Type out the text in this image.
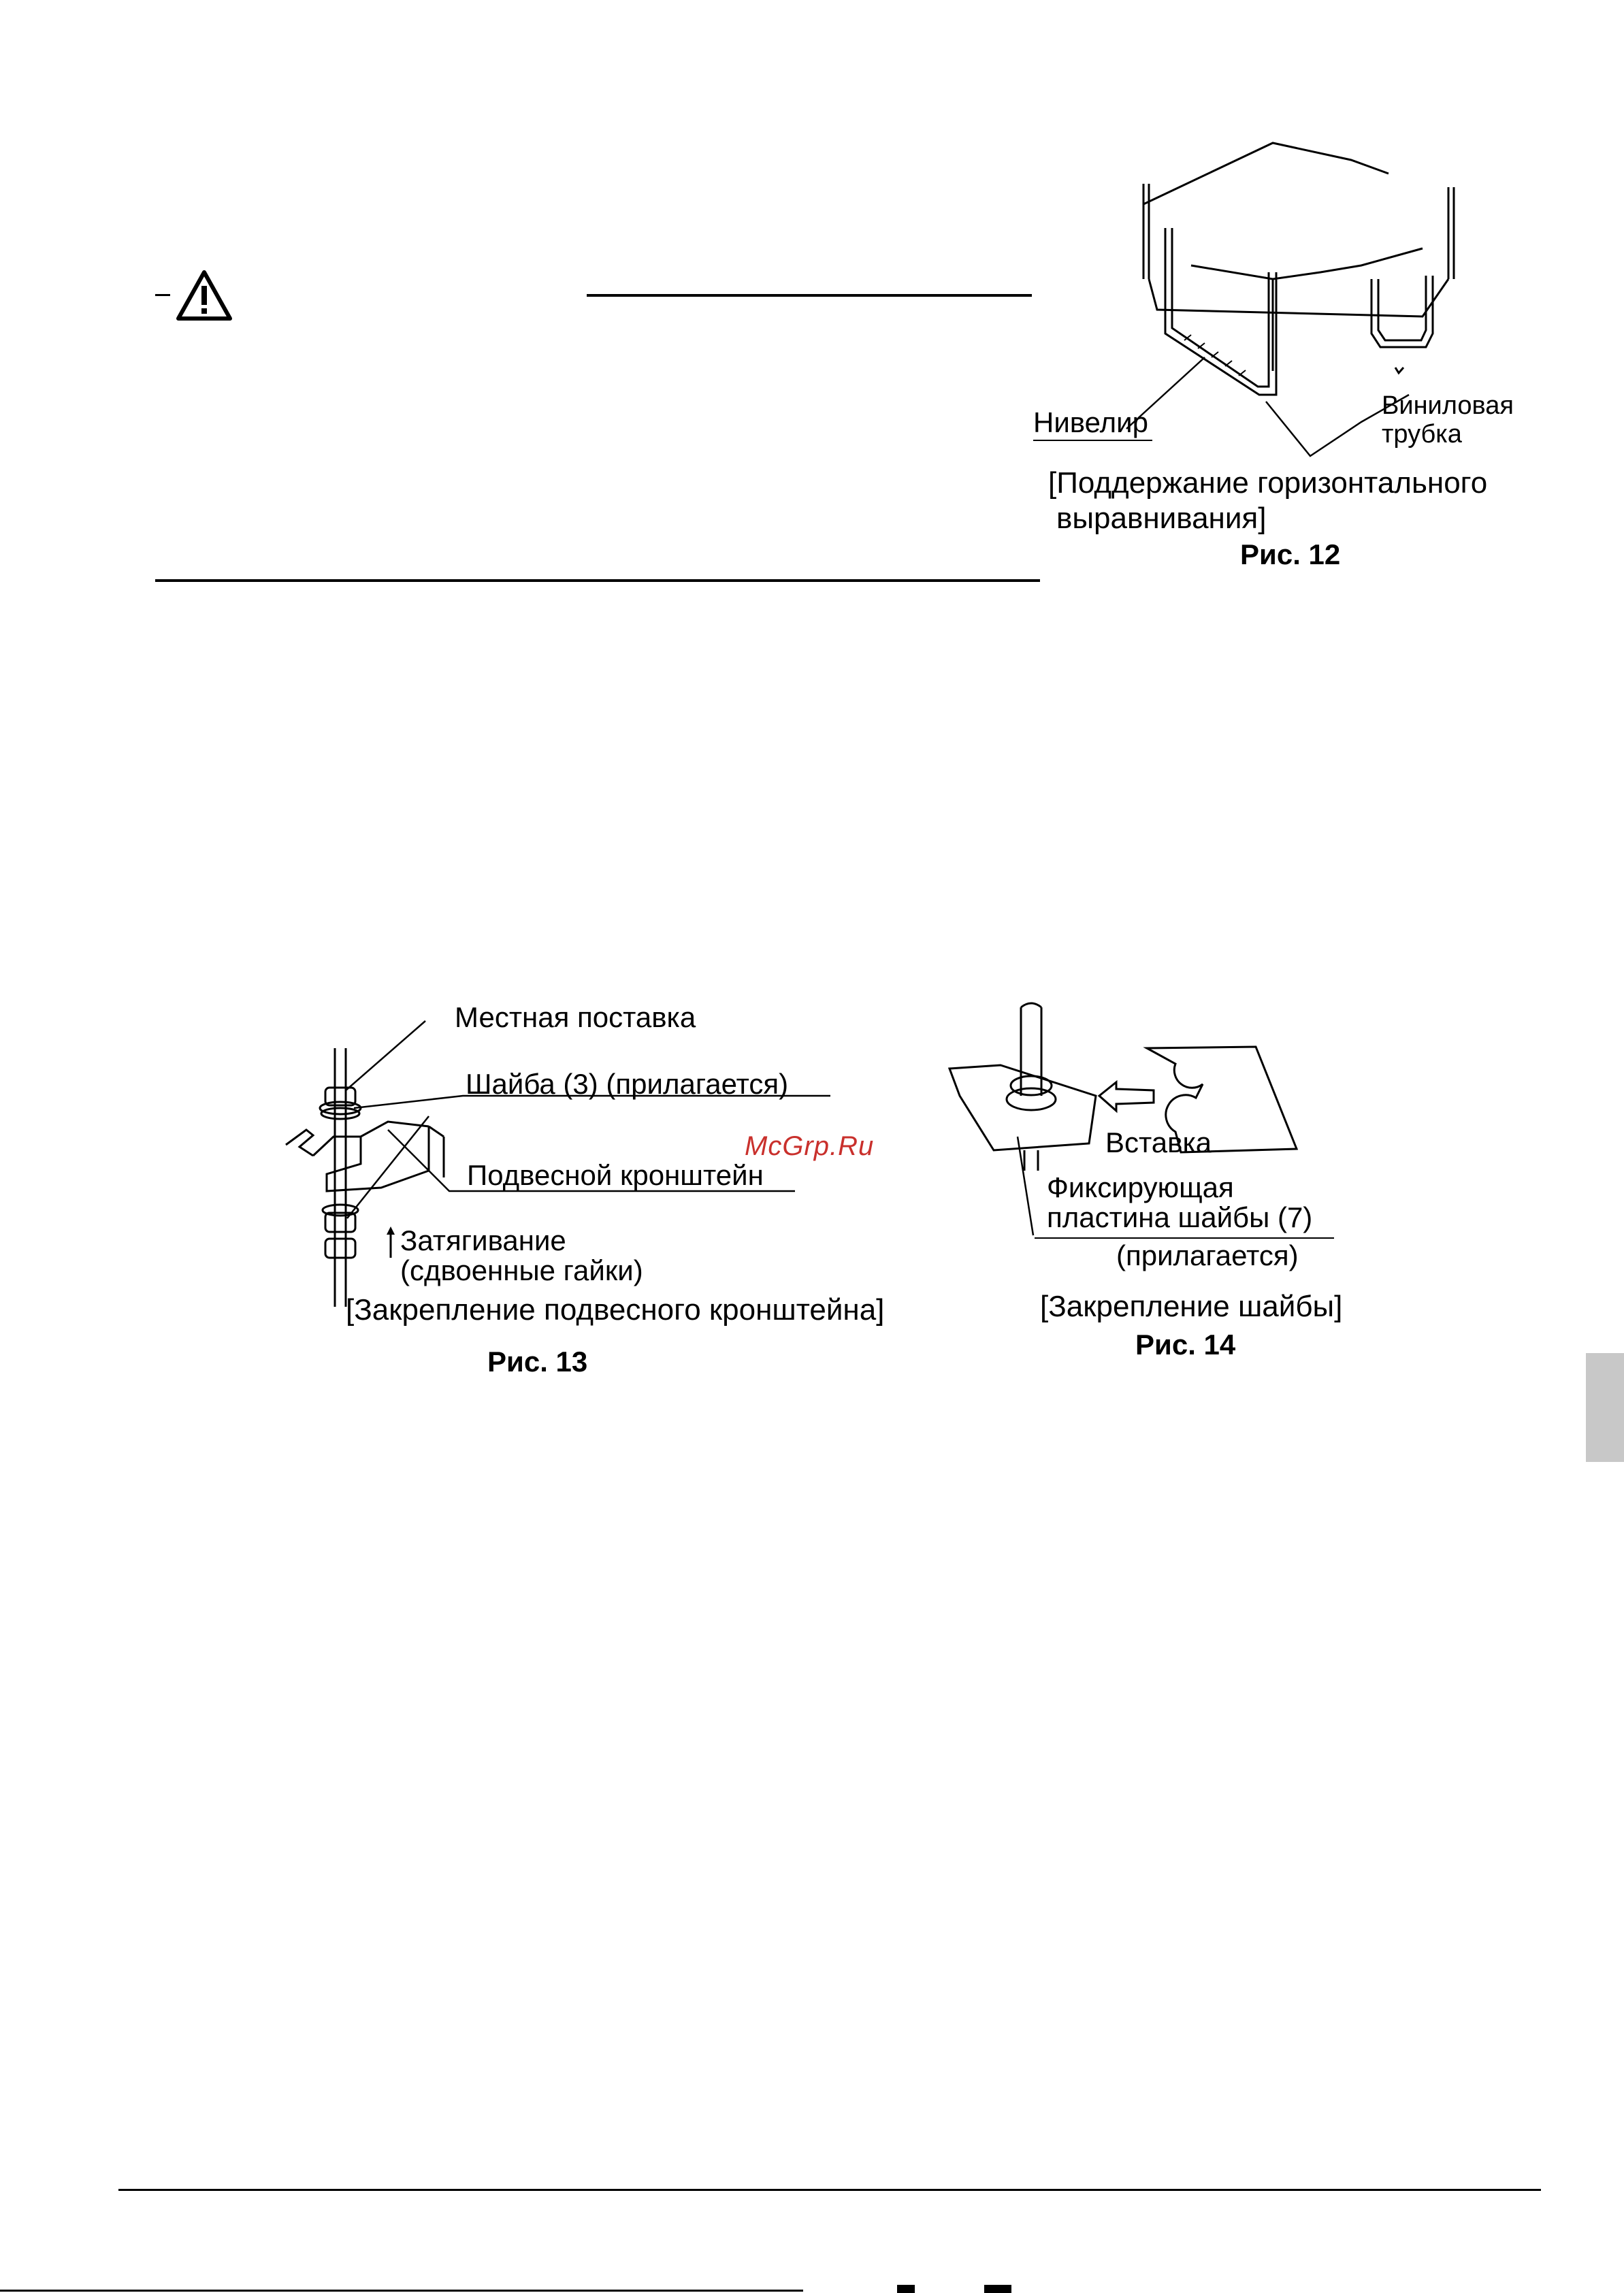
Нивелир
Виниловая
трубка
[Поддержание горизонтального
выравнивания]
Рис. 12
Местная поставка
Шайба (3) (прилагается)
Подвесной кронштейн
Затягивание
(сдвоенные гайки)
[Закрепление подвесного кронштейна]
Рис. 13
McGrp.Ru	Вставка
Фиксирующая
пластина шайбы (7)
(прилагается)
[Закрепление шайбы]
Рис. 14
